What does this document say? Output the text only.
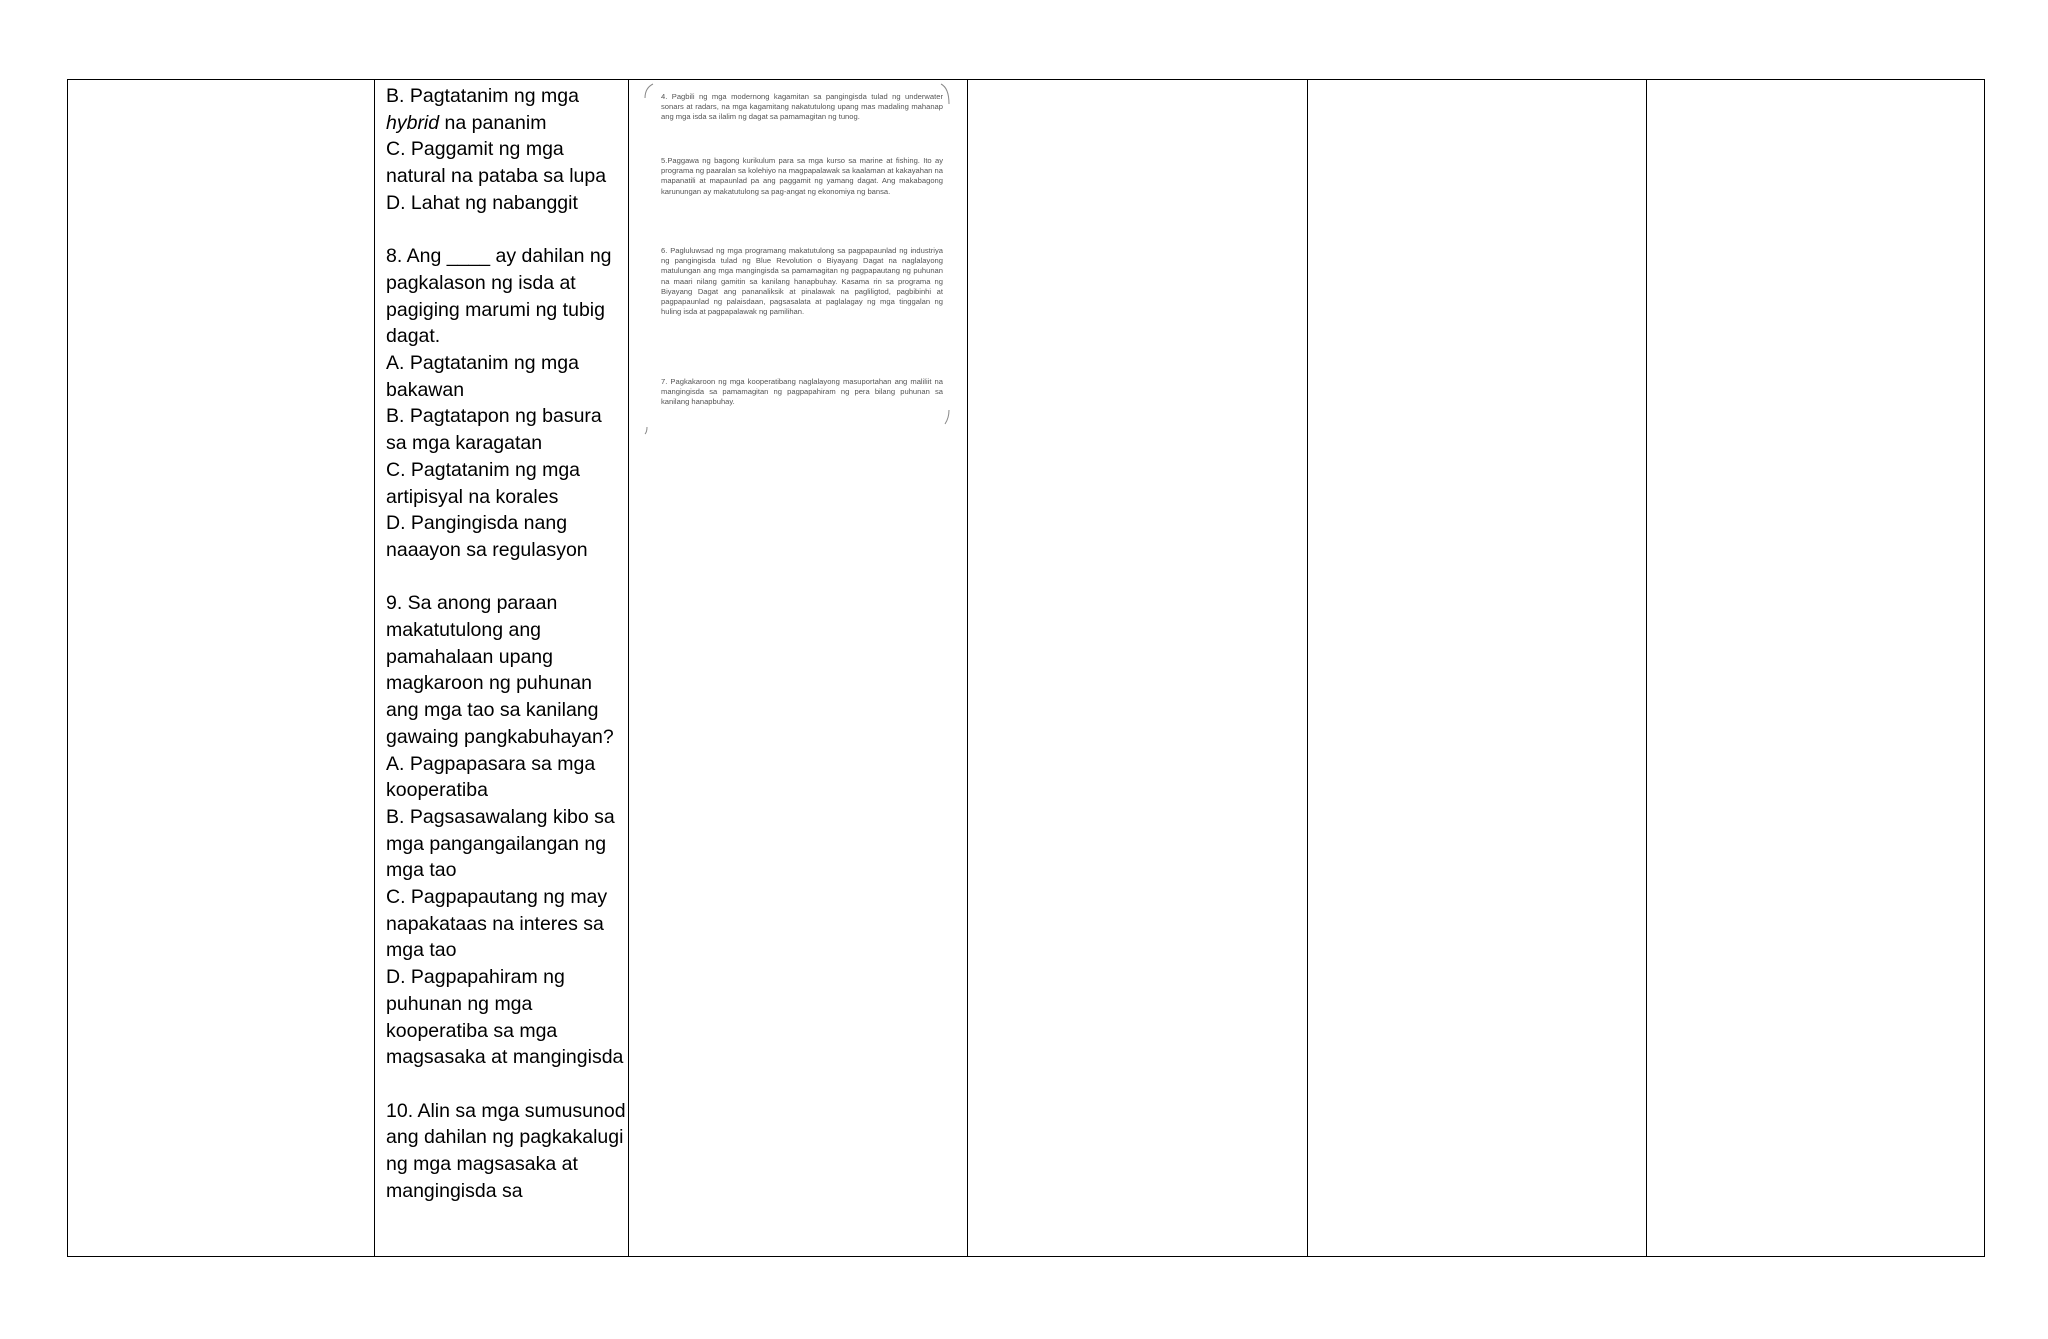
B. Pagtatanim ng mga
hybrid na pananim

C. Paggamit ng mga natural na pataba sa lupa

D. Lahat ng nabanggit

8. Ang ____ ay dahilan ng pagkalason ng isda at pagiging marumi ng tubig dagat.

A. Pagtatanim ng mga bakawan

B. Pagtatapon ng basura sa mga karagatan

C. Pagtatanim ng mga artipisyal na korales

D. Pangingisda nang naaayon sa regulasyon

9. Sa anong paraan makatutulong ang pamahalaan upang magkaroon ng puhunan ang mga tao sa kanilang gawaing pangkabuhayan?

A. Pagpapasara sa mga kooperatiba

B. Pagsasawalang kibo sa mga pangangailangan ng mga tao

C. Pagpapautang ng may napakataas na interes sa mga tao

D. Pagpapahiram ng puhunan ng mga kooperatiba sa mga magsasaka at mangingisda

10. Alin sa mga sumusunod ang dahilan ng pagkakalugi ng mga magsasaka at mangingisda sa

4. Pagbili ng mga modernong kagamitan sa pangingisda tulad ng underwater sonars at radars, na mga kagamitang nakatutulong upang mas madaling mahanap ang mga isda sa ilalim ng dagat sa pamamagitan ng tunog.
5.Paggawa ng bagong kurikulum para sa mga kurso sa marine at fishing. Ito ay programa ng paaralan sa kolehiyo na magpapalawak sa kaalaman at kakayahan na mapanatili at mapaunlad pa ang paggamit ng yamang dagat. Ang makabagong karunungan ay makatutulong sa pag-angat ng ekonomiya ng bansa.
6. Pagluluwsad ng mga programang makatutulong sa pagpapaunlad ng industriya ng pangingisda tulad ng Blue Revolution o Biyayang Dagat na naglalayong matulungan ang mga mangingisda sa pamamagitan ng pagpapautang ng puhunan na maari nilang gamitin sa kanilang hanapbuhay. Kasama rin sa programa ng Biyayang Dagat ang pananaliksik at pinalawak na pagliligtod, pagbibinhi at pagpapaunlad ng palaisdaan, pagsasalata at paglalagay ng mga tinggalan ng huling isda at pagpapalawak ng pamilihan.
7. Pagkakaroon ng mga kooperatibang naglalayong masuportahan ang maliliit na mangingisda sa pamamagitan ng pagpapahiram ng pera bilang puhunan sa kanilang hanapbuhay.
